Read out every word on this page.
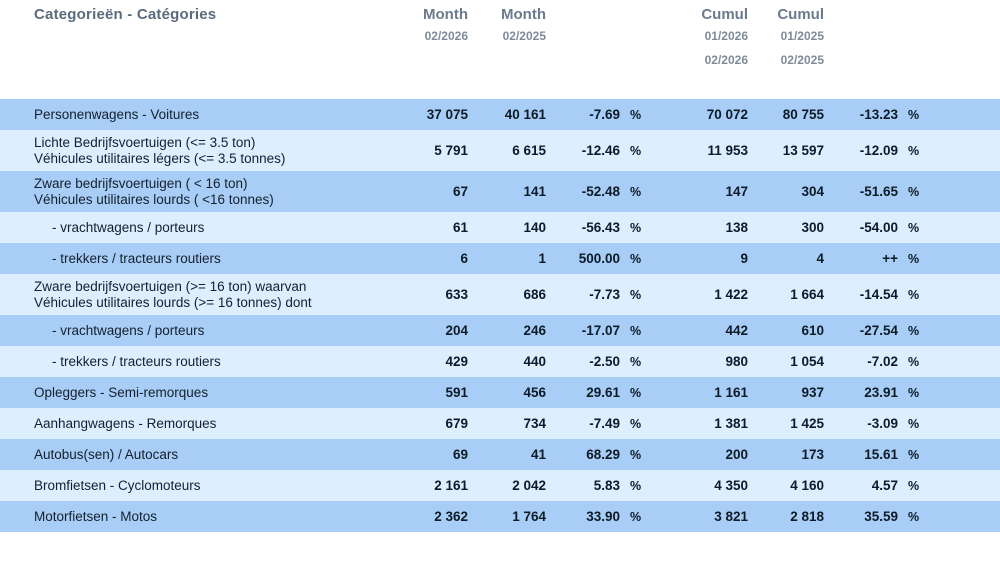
Categorieën - Catégories	Month	Month				Cumul	Cumul			
	02/2026	02/2025				01/2026	01/2025			
						02/2026	02/2025			

Personenwagens - Voitures	37 075	40 161	-7.69	%		70 072	80 755	-13.23	%	

Lichte Bedrijfsvoertuigen (<= 3.5 ton)
Véhicules utilitaires légers (<= 3.5 tonnes)	5 791	6 615	-12.46	%		11 953	13 597	-12.09	%	

Zware bedrijfsvoertuigen ( < 16 ton)
Véhicules utilitaires lourds ( <16 tonnes)	67	141	-52.48	%		147	304	-51.65	%	

- vrachtwagens / porteurs	61	140	-56.43	%		138	300	-54.00	%	

- trekkers / tracteurs routiers	6	1	500.00	%		9	4	++	%	

Zware bedrijfsvoertuigen (>= 16 ton) waarvan
Véhicules utilitaires lourds (>= 16 tonnes) dont	633	686	-7.73	%		1 422	1 664	-14.54	%	

- vrachtwagens / porteurs	204	246	-17.07	%		442	610	-27.54	%	

- trekkers / tracteurs routiers	429	440	-2.50	%		980	1 054	-7.02	%	

Opleggers - Semi-remorques	591	456	29.61	%		1 161	937	23.91	%	

Aanhangwagens - Remorques	679	734	-7.49	%		1 381	1 425	-3.09	%	

Autobus(sen) / Autocars	69	41	68.29	%		200	173	15.61	%	

Bromfietsen - Cyclomoteurs	2 161	2 042	5.83	%		4 350	4 160	4.57	%	

Motorfietsen - Motos	2 362	1 764	33.90	%		3 821	2 818	35.59	%	
